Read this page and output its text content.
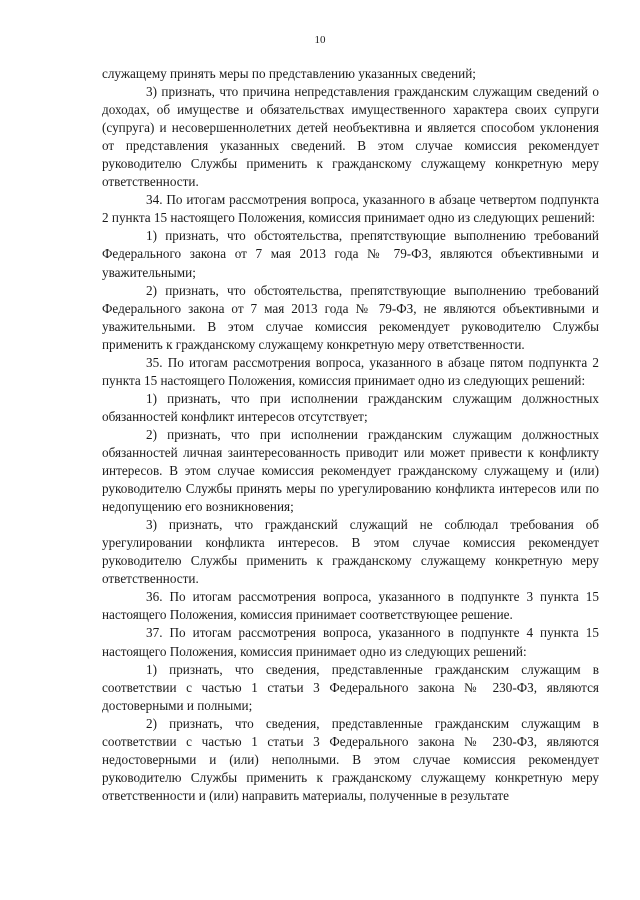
10

служащему принять меры по представлению указанных сведений;

3) признать, что причина непредставления гражданским служащим сведений о доходах, об имуществе и обязательствах имущественного характера своих супруги (супруга) и несовершеннолетних детей необъективна и является способом уклонения от представления указанных сведений. В этом случае комиссия рекомендует руководителю Службы применить к гражданскому служащему конкретную меру ответственности.

34. По итогам рассмотрения вопроса, указанного в абзаце четвертом подпункта 2 пункта 15 настоящего Положения, комиссия принимает одно из следующих решений:

1) признать, что обстоятельства, препятствующие выполнению требований Федерального закона от 7 мая 2013 года № 79-ФЗ, являются объективными и уважительными;

2) признать, что обстоятельства, препятствующие выполнению требований Федерального закона от 7 мая 2013 года № 79-ФЗ, не являются объективными и уважительными. В этом случае комиссия рекомендует руководителю Службы применить к гражданскому служащему конкретную меру ответственности.

35. По итогам рассмотрения вопроса, указанного в абзаце пятом подпункта 2 пункта 15 настоящего Положения, комиссия принимает одно из следующих решений:

1) признать, что при исполнении гражданским служащим должностных обязанностей конфликт интересов отсутствует;

2) признать, что при исполнении гражданским служащим должностных обязанностей личная заинтересованность приводит или может привести к конфликту интересов. В этом случае комиссия рекомендует гражданскому служащему и (или) руководителю Службы принять меры по урегулированию конфликта интересов или по недопущению его возникновения;

3) признать, что гражданский служащий не соблюдал требования об урегулировании конфликта интересов. В этом случае комиссия рекомендует руководителю Службы применить к гражданскому служащему конкретную меру ответственности.

36. По итогам рассмотрения вопроса, указанного в подпункте 3 пункта 15 настоящего Положения, комиссия принимает соответствующее решение.

37. По итогам рассмотрения вопроса, указанного в подпункте 4 пункта 15 настоящего Положения, комиссия принимает одно из следующих решений:

1) признать, что сведения, представленные гражданским служащим в соответствии с частью 1 статьи 3 Федерального закона № 230-ФЗ, являются достоверными и полными;

2) признать, что сведения, представленные гражданским служащим в соответствии с частью 1 статьи 3 Федерального закона № 230-ФЗ, являются недостоверными и (или) неполными. В этом случае комиссия рекомендует руководителю Службы применить к гражданскому служащему конкретную меру ответственности и (или) направить материалы, полученные в результате
